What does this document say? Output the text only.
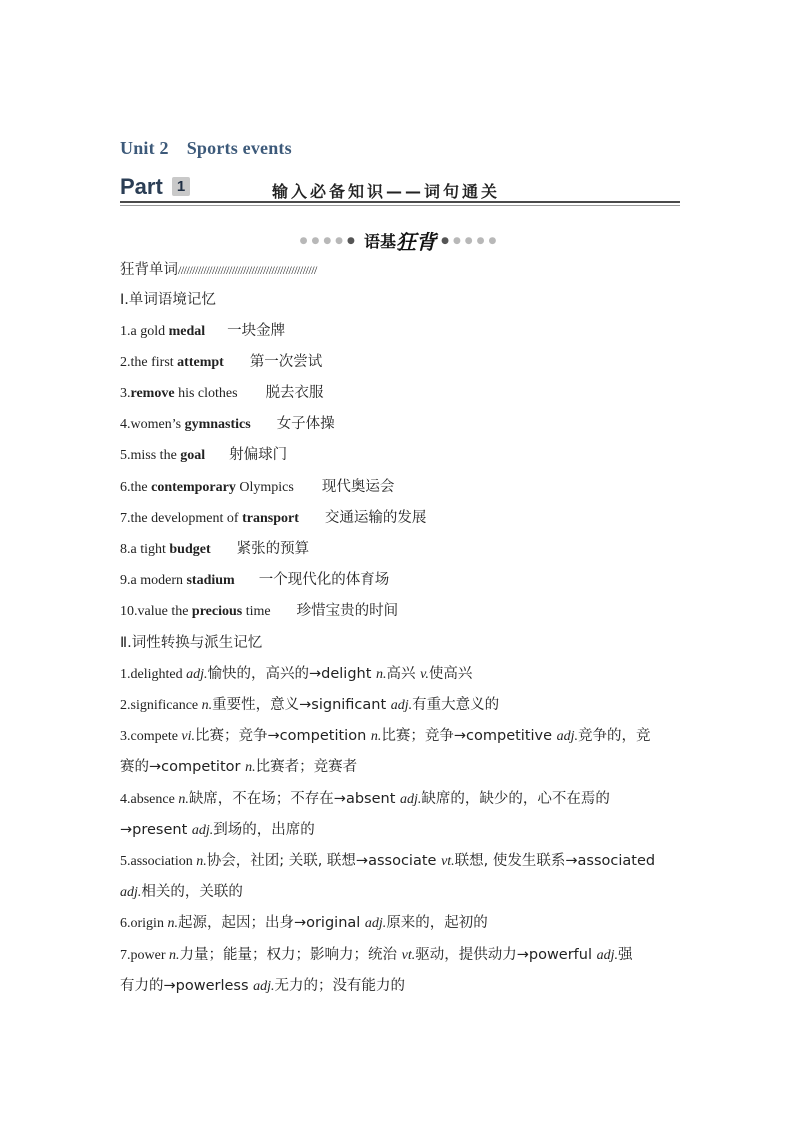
Unit 2 Sports events
Part 1	输入必备知识——词句通关
●●●●● 语基狂背 ●●●●●
狂背单词/////////////////////////////////////////////////
Ⅰ.单词语境记忆
1.a gold medal 一块金牌
2.the first attempt 第一次尝试
3.remove his clothes 脱去衣服
4.women’s gymnastics 女子体操
5.miss the goal 射偏球门
6.the contemporary Olympics 现代奥运会
7.the development of transport 交通运输的发展
8.a tight budget 紧张的预算
9.a modern stadium 一个现代化的体育场
10.value the precious time 珍惜宝贵的时间
Ⅱ.词性转换与派生记忆
1.delighted adj.愉快的，高兴的→delight n.高兴 v.使高兴
2.significance n.重要性，意义→significant adj.有重大意义的
3.compete vi.比赛；竞争→competition n.比赛；竞争→competitive adj.竞争的，竞
赛的→competitor n.比赛者；竞赛者
4.absence n.缺席，不在场；不存在→absent adj.缺席的，缺少的，心不在焉的
→present adj.到场的，出席的
5.association n.协会，社团; 关联, 联想→associate vt.联想, 使发生联系→associated
adj.相关的，关联的
6.origin n.起源，起因；出身→original adj.原来的，起初的
7.power n.力量；能量；权力；影响力；统治 vt.驱动，提供动力→powerful adj.强
有力的→powerless adj.无力的；没有能力的
